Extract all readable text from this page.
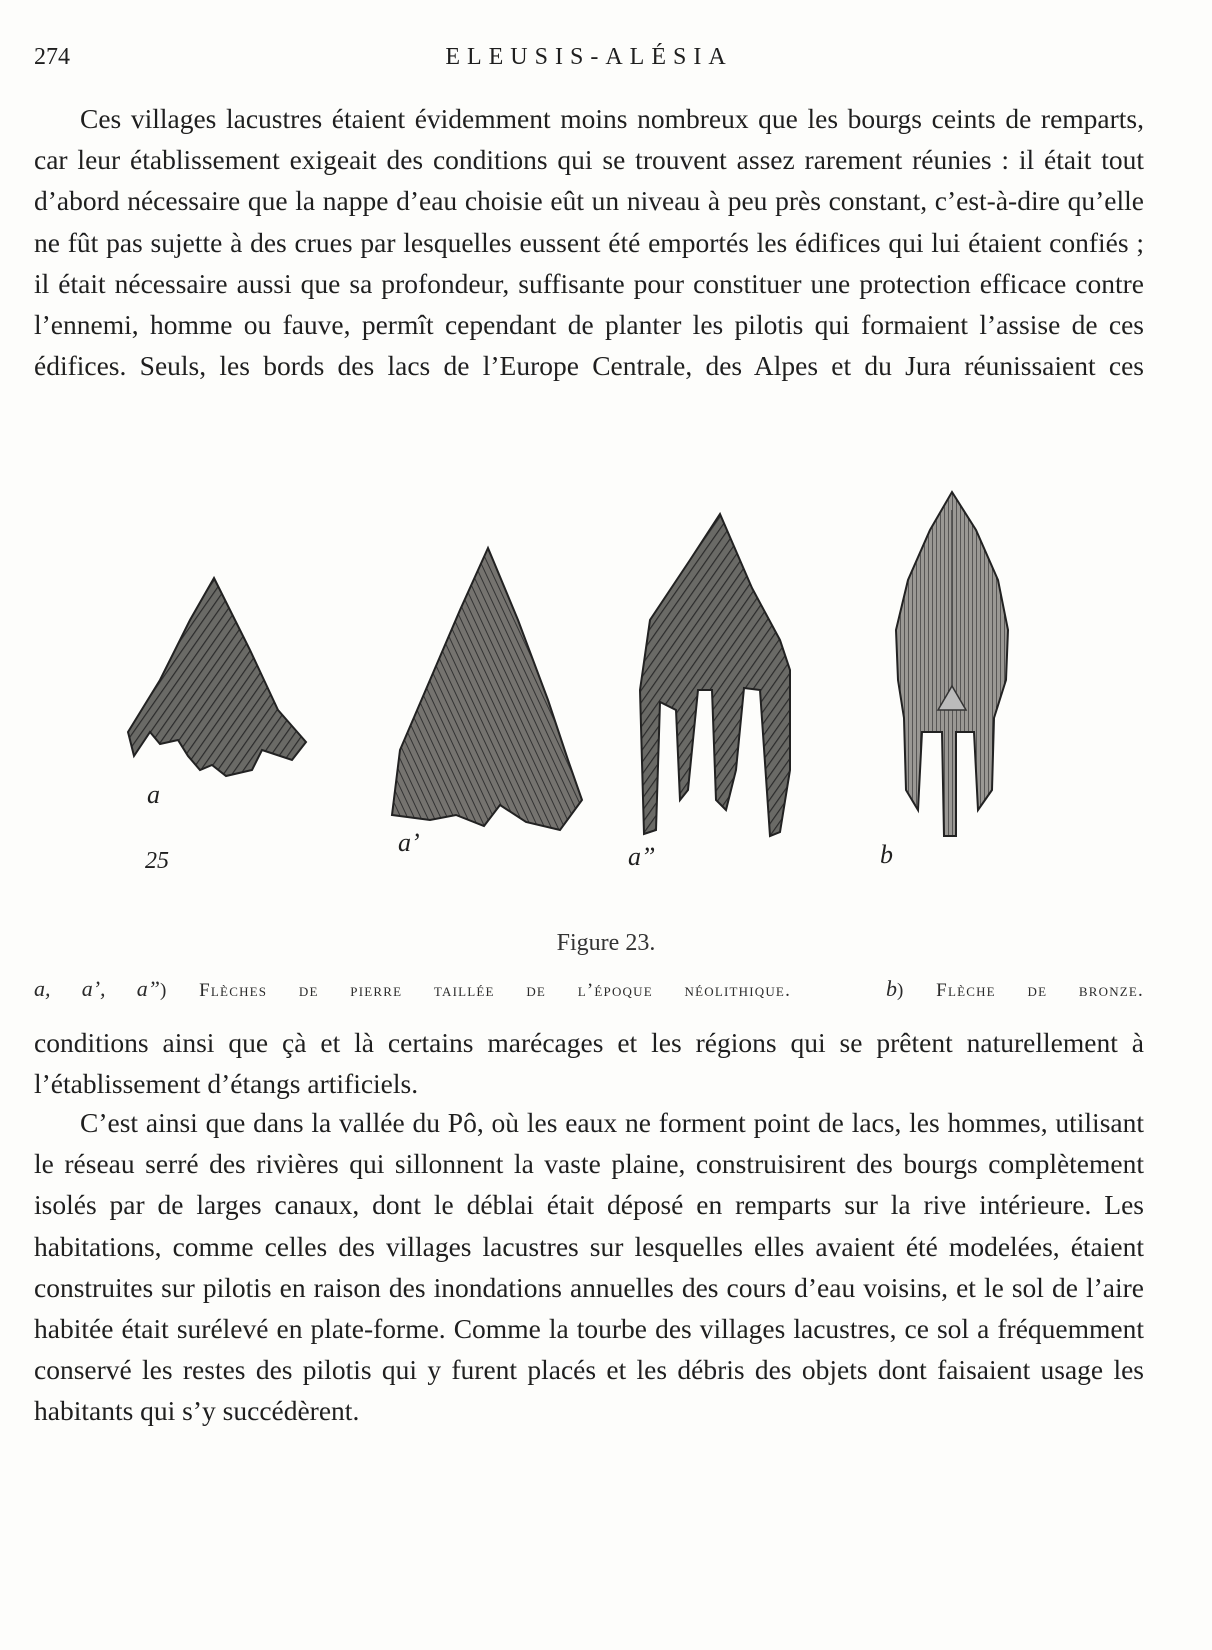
274	ELEUSIS-ALÉSIA

Ces villages lacustres étaient évidemment moins nombreux que les bourgs ceints de remparts, car leur établissement exigeait des conditions qui se trouvent assez rarement réunies : il était tout d’abord nécessaire que la nappe d’eau choisie eût un niveau à peu près constant, c’est-à-dire qu’elle ne fût pas sujette à des crues par lesquelles eussent été emportés les édifices qui lui étaient confiés ; il était nécessaire aussi que sa profondeur, suffisante pour constituer une protection efficace contre l’ennemi, homme ou fauve, permît cependant de planter les pilotis qui formaient l’assise de ces édifices. Seuls, les bords des lacs de l’Europe Centrale, des Alpes et du Jura réunissaient ces

a
a’	a”	b
25
Figure 23.
a, a’, a”) Flèches de pierre taillée de l’époque néolithique.	b) Flèche de bronze.

conditions ainsi que çà et là certains marécages et les régions qui se prêtent naturellement à l’établissement d’étangs artificiels.

C’est ainsi que dans la vallée du Pô, où les eaux ne forment point de lacs, les hommes, utilisant le réseau serré des rivières qui sillonnent la vaste plaine, construisirent des bourgs complètement isolés par de larges canaux, dont le déblai était déposé en remparts sur la rive intérieure. Les habitations, comme celles des villages lacustres sur lesquelles elles avaient été modelées, étaient construites sur pilotis en raison des inondations annuelles des cours d’eau voisins, et le sol de l’aire habitée était surélevé en plate-forme. Comme la tourbe des villages lacustres, ce sol a fréquemment conservé les restes des pilotis qui y furent placés et les débris des objets dont faisaient usage les habitants qui s’y succédèrent.
